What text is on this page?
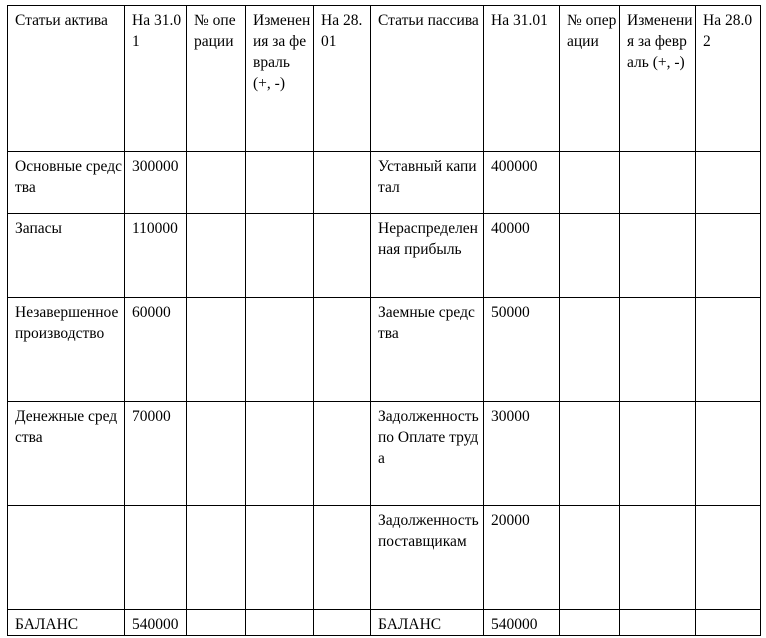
Статьи актива	На 31.01	№ операции	Изменения за февраль (+, -)	На 28.01	Статьи пассива	На 31.01	№ операции	Изменения за февраль (+, -)	На 28.02
Основные средства	300000				Уставный капитал	400000			
Запасы	110000				Нераспределенная прибыль	40000			
Незавершенное производство	60000				Заемные средства	50000			
Денежные средства	70000				Задолженность по Оплате труда	30000			
					Задолженность поставщикам	20000			
БАЛАНС	540000				БАЛАНС	540000			
